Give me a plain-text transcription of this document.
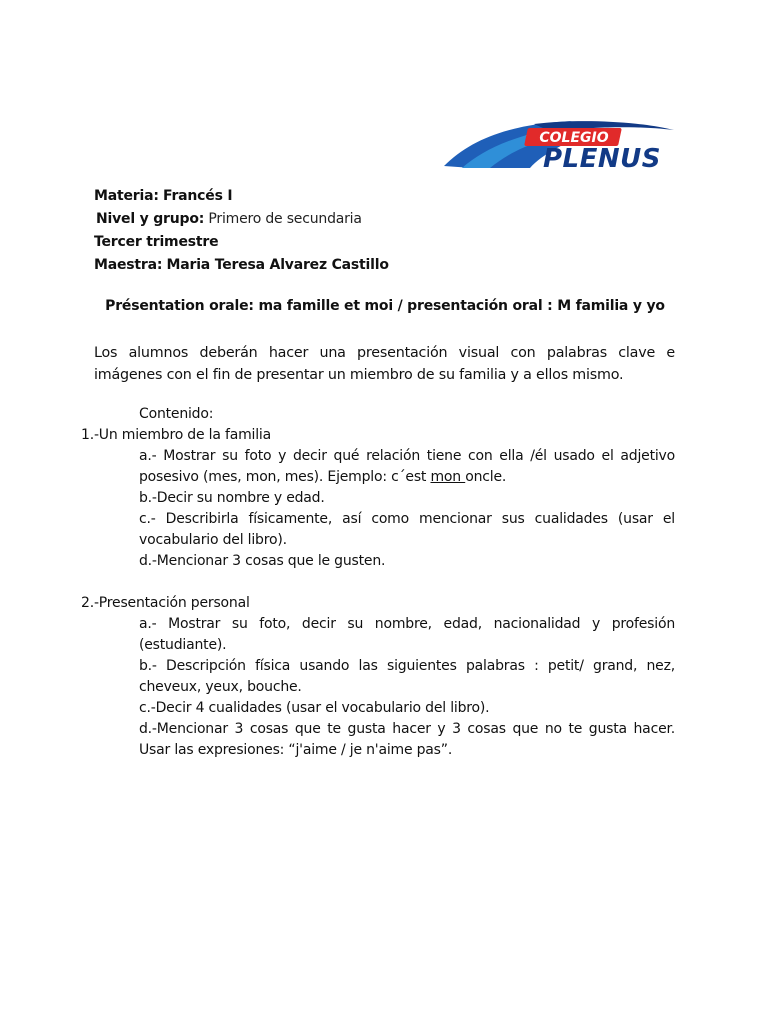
COLEGIO
PLENUS
Materia: Francés I
Nivel y grupo: Primero de secundaria
Tercer trimestre
Maestra: Maria Teresa Alvarez Castillo
Présentation orale: ma famille et moi / presentación oral : M familia y yo

Los alumnos deberán hacer una presentación visual con palabras clave e imágenes con el fin de presentar un miembro de su familia y a ellos mismo.

Contenido:

1.-Un miembro de la familia

a.- Mostrar su foto y decir qué relación tiene con ella /él usado el adjetivo posesivo (mes, mon, mes). Ejemplo: c´est mon oncle.

b.-Decir su nombre y edad.

c.- Describirla físicamente, así como mencionar sus cualidades (usar el vocabulario del libro).

d.-Mencionar 3 cosas que le gusten.

2.-Presentación personal

a.- Mostrar su foto, decir su nombre, edad, nacionalidad y profesión (estudiante).

b.- Descripción física usando las siguientes palabras : petit/ grand, nez, cheveux, yeux, bouche.

c.-Decir 4 cualidades (usar el vocabulario del libro).

d.-Mencionar 3 cosas que te gusta hacer y 3 cosas que no te gusta hacer. Usar las expresiones: “j'aime / je n'aime pas”.
